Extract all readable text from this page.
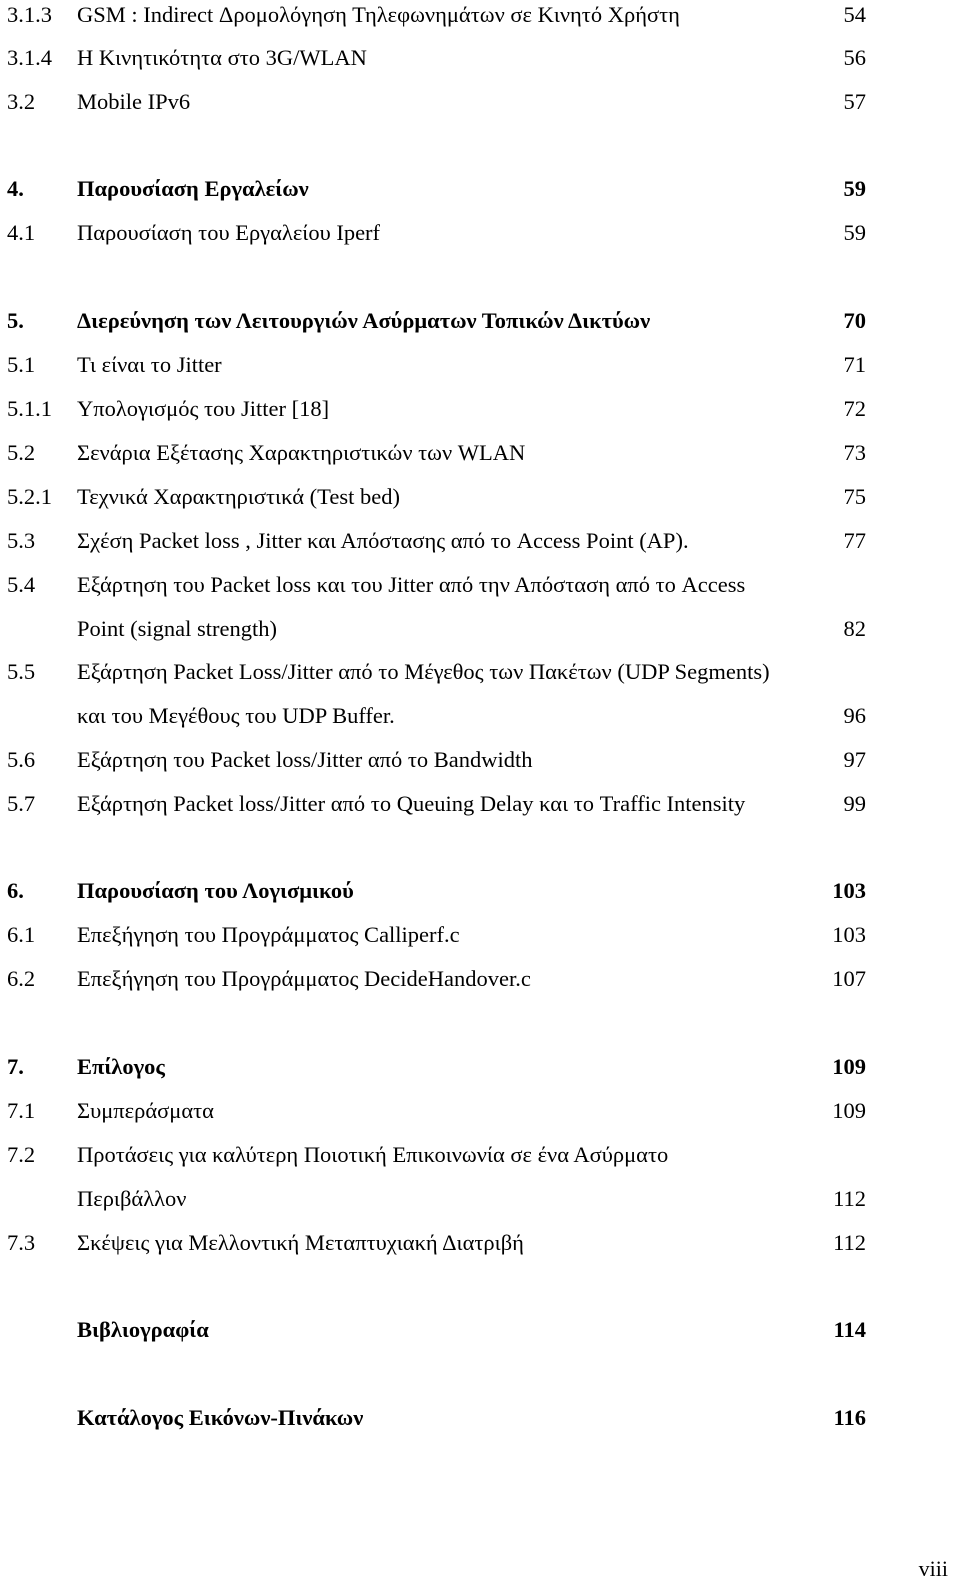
3.1.3 GSM : Indirect Δρομολόγηση Τηλεφωνημάτων σε Κινητό Χρήστη	54
3.1.4 Η Κινητικότητα στο 3G/WLAN	56
3.2 Mobile IPv6	57
4. Παρουσίαση Εργαλείων	59
4.1 Παρουσίαση του Εργαλείου Iperf	59
5. Διερεύνηση των Λειτουργιών Ασύρματων Τοπικών Δικτύων	70
5.1 Τι είναι το Jitter	71
5.1.1 Υπολογισμός του Jitter [18]	72
5.2 Σενάρια Εξέτασης Χαρακτηριστικών των WLAN	73
5.2.1 Τεχνικά Χαρακτηριστικά (Test bed)	75
5.3 Σχέση Packet loss , Jitter και Απόστασης από το Access Point (AP).	77
5.4 Εξάρτηση του Packet loss και του Jitter από την Απόσταση από το Access
Point (signal strength)	82
5.5 Εξάρτηση Packet Loss/Jitter από το Μέγεθος των Πακέτων (UDP Segments)
και του Μεγέθους του UDP Buffer.	96
5.6 Εξάρτηση του Packet loss/Jitter από το Bandwidth	97
5.7 Εξάρτηση Packet loss/Jitter από το Queuing Delay και το Traffic Intensity	99
6. Παρουσίαση του Λογισμικού	103
6.1 Επεξήγηση του Προγράμματος Calliperf.c	103
6.2 Επεξήγηση του Προγράμματος DecideHandover.c	107
7. Επίλογος	109
7.1 Συμπεράσματα	109
7.2 Προτάσεις για καλύτερη Ποιοτική Επικοινωνία σε ένα Ασύρματο
Περιβάλλον	112
7.3 Σκέψεις για Μελλοντική Μεταπτυχιακή Διατριβή	112
Βιβλιογραφία	114
Κατάλογος Εικόνων-Πινάκων	116
viii
